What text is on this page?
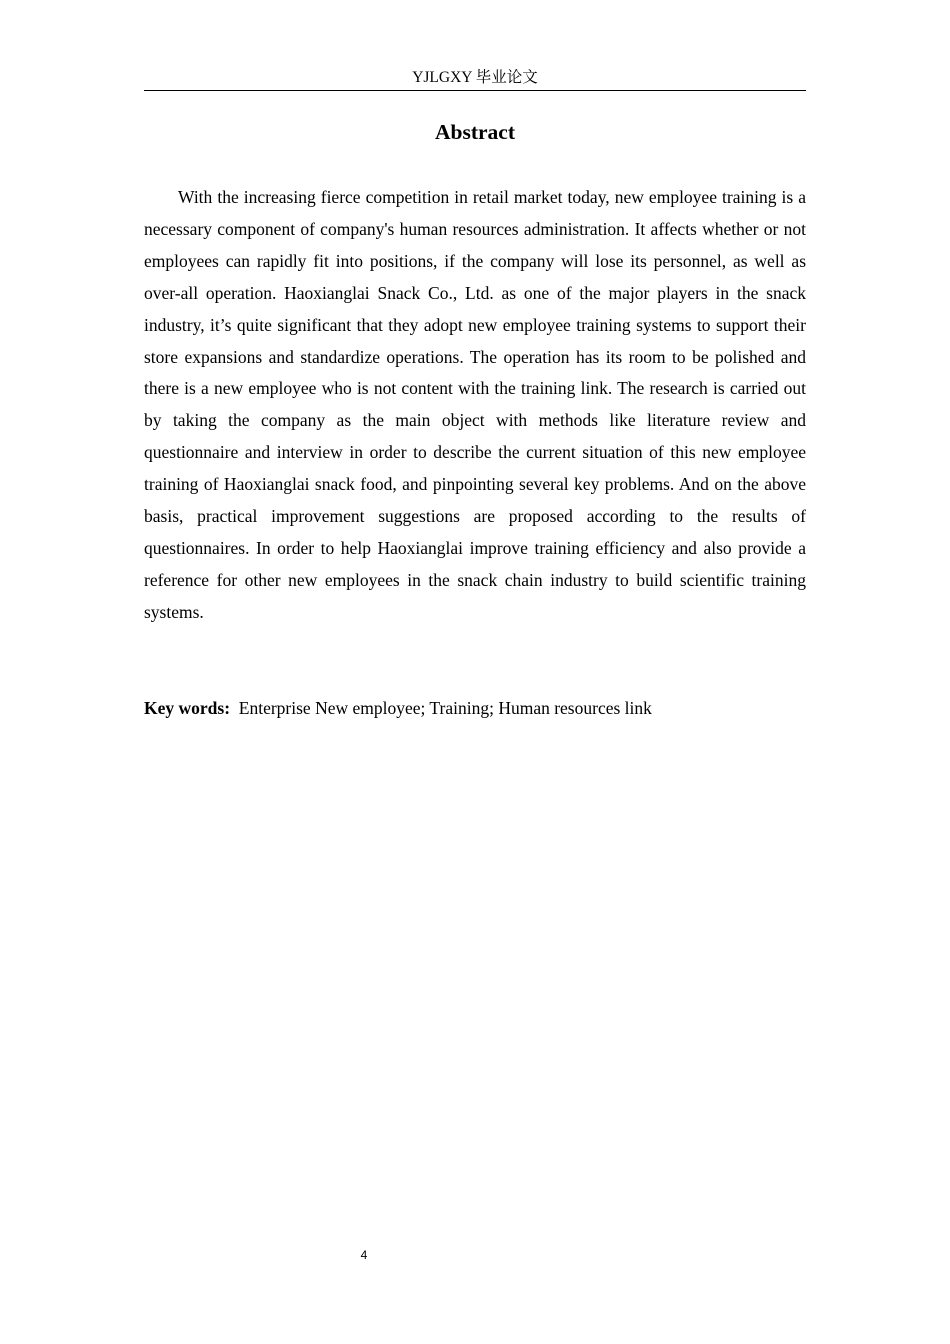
YJLGXY 毕业论文
Abstract

With the increasing fierce competition in retail market today, new employee training is a necessary component of company's human resources administration. It affects whether or not employees can rapidly fit into positions, if the company will lose its personnel, as well as over-all operation. Haoxianglai Snack Co., Ltd. as one of the major players in the snack industry, it’s quite significant that they adopt new employee training systems to support their store expansions and standardize operations. The operation has its room to be polished and there is a new employee who is not content with the training link. The research is carried out by taking the company as the main object with methods like literature review and questionnaire and interview in order to describe the current situation of this new employee training of Haoxianglai snack food, and pinpointing several key problems. And on the above basis, practical improvement suggestions are proposed according to the results of questionnaires. In order to help Haoxianglai improve training efficiency and also provide a reference for other new employees in the snack chain industry to build scientific training systems.

Key words: Enterprise New employee; Training; Human resources link

4
